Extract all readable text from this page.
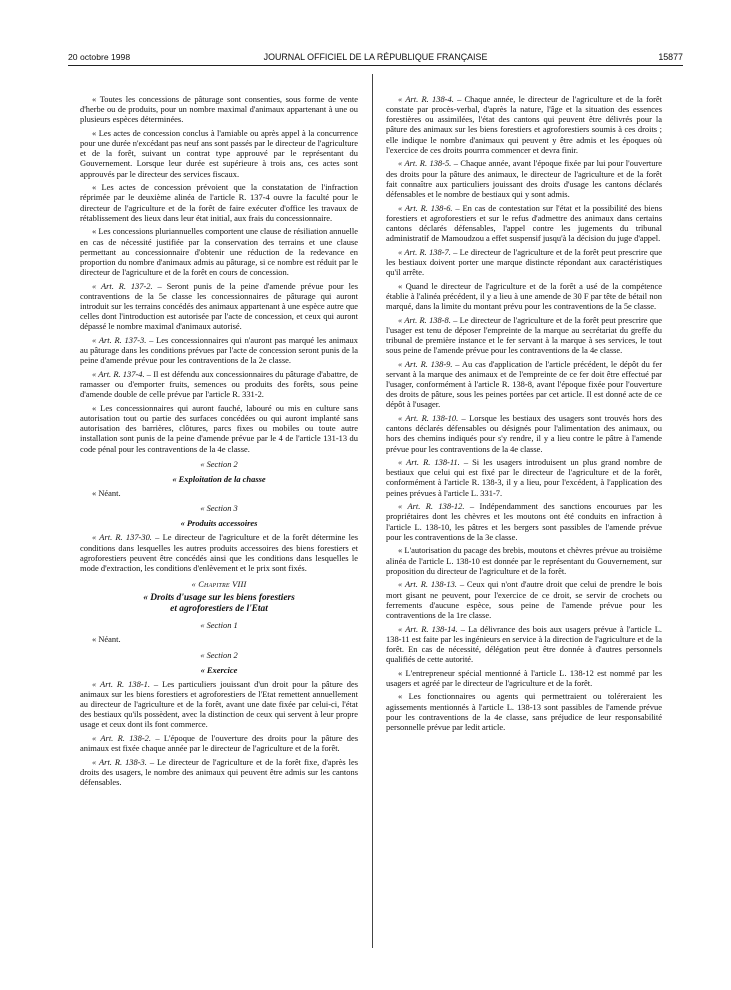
20 octobre 1998	JOURNAL OFFICIEL DE LA RÉPUBLIQUE FRANÇAISE	15877

« Toutes les concessions de pâturage sont consenties, sous forme de vente d'herbe ou de produits, pour un nombre maximal d'animaux appartenant à une ou plusieurs espèces déterminées.

« Les actes de concession conclus à l'amiable ou après appel à la concurrence pour une durée n'excédant pas neuf ans sont passés par le directeur de l'agriculture et de la forêt, suivant un contrat type approuvé par le représentant du Gouvernement. Lorsque leur durée est supérieure à trois ans, ces actes sont approuvés par le directeur des services fiscaux.

« Les actes de concession prévoient que la constatation de l'infraction réprimée par le deuxième alinéa de l'article R. 137-4 ouvre la faculté pour le directeur de l'agriculture et de la forêt de faire exécuter d'office les travaux de rétablissement des lieux dans leur état initial, aux frais du concessionnaire.

« Les concessions pluriannuelles comportent une clause de résiliation annuelle en cas de nécessité justifiée par la conservation des terrains et une clause permettant au concessionnaire d'obtenir une réduction de la redevance en proportion du nombre d'animaux admis au pâturage, si ce nombre est réduit par le directeur de l'agriculture et de la forêt en cours de concession.

« Art. R. 137-2. – Seront punis de la peine d'amende prévue pour les contraventions de la 5e classe les concessionnaires de pâturage qui auront introduit sur les terrains concédés des animaux appartenant à une espèce autre que celles dont l'introduction est autorisée par l'acte de concession, et ceux qui auront dépassé le nombre maximal d'animaux autorisé.

« Art. R. 137-3. – Les concessionnaires qui n'auront pas marqué les animaux au pâturage dans les conditions prévues par l'acte de concession seront punis de la peine d'amende prévue pour les contraventions de la 2e classe.

« Art. R. 137-4. – Il est défendu aux concessionnaires du pâturage d'abattre, de ramasser ou d'emporter fruits, semences ou produits des forêts, sous peine d'amende double de celle prévue par l'article R. 331-2.

« Les concessionnaires qui auront fauché, labouré ou mis en culture sans autorisation tout ou partie des surfaces concédées ou qui auront implanté sans autorisation des barrières, clôtures, parcs fixes ou mobiles ou toute autre installation sont punis de la peine d'amende prévue par le 4 de l'article 131-13 du code pénal pour les contraventions de la 4e classe.

« Section 2
« Exploitation de la chasse

« Néant.

« Section 3
« Produits accessoires

« Art. R. 137-30. – Le directeur de l'agriculture et de la forêt détermine les conditions dans lesquelles les autres produits accessoires des biens forestiers et agroforestiers peuvent être concédés ainsi que les conditions dans lesquelles le mode d'extraction, les conditions d'enlèvement et le prix sont fixés.

« Chapitre VIII
« Droits d'usage sur les biens forestiers
et agroforestiers de l'Etat
« Section 1

« Néant.

« Section 2
« Exercice

« Art. R. 138-1. – Les particuliers jouissant d'un droit pour la pâture des animaux sur les biens forestiers et agroforestiers de l'Etat remettent annuellement au directeur de l'agriculture et de la forêt, avant une date fixée par celui-ci, l'état des bestiaux qu'ils possèdent, avec la distinction de ceux qui servent à leur propre usage et ceux dont ils font commerce.

« Art. R. 138-2. – L'époque de l'ouverture des droits pour la pâture des animaux est fixée chaque année par le directeur de l'agriculture et de la forêt.

« Art. R. 138-3. – Le directeur de l'agriculture et de la forêt fixe, d'après les droits des usagers, le nombre des animaux qui peuvent être admis sur les cantons défensables.

« Art. R. 138-4. – Chaque année, le directeur de l'agriculture et de la forêt constate par procès-verbal, d'après la nature, l'âge et la situation des essences forestières ou assimilées, l'état des cantons qui peuvent être délivrés pour la pâture des animaux sur les biens forestiers et agroforestiers soumis à ces droits ; elle indique le nombre d'animaux qui peuvent y être admis et les époques où l'exercice de ces droits pourrra commencer et devra finir.

« Art. R. 138-5. – Chaque année, avant l'époque fixée par lui pour l'ouverture des droits pour la pâture des animaux, le directeur de l'agriculture et de la forêt fait connaître aux particuliers jouissant des droits d'usage les cantons déclarés défensables et le nombre de bestiaux qui y sont admis.

« Art. R. 138-6. – En cas de contestation sur l'état et la possibilité des biens forestiers et agroforestiers et sur le refus d'admettre des animaux dans certains cantons déclarés défensables, l'appel contre les jugements du tribunal administratif de Mamoudzou a effet suspensif jusqu'à la décision du juge d'appel.

« Art. R. 138-7. – Le directeur de l'agriculture et de la forêt peut prescrire que les bestiaux doivent porter une marque distincte répondant aux caractéristiques qu'il arrête.

« Quand le directeur de l'agriculture et de la forêt a usé de la compétence établie à l'alinéa précédent, il y a lieu à une amende de 30 F par tête de bétail non marqué, dans la limite du montant prévu pour les contraventions de la 5e classe.

« Art. R. 138-8. – Le directeur de l'agriculture et de la forêt peut prescrire que l'usager est tenu de déposer l'empreinte de la marque au secrétariat du greffe du tribunal de première instance et le fer servant à la marque à ses services, le tout sous peine de l'amende prévue pour les contraventions de la 4e classe.

« Art. R. 138-9. – Au cas d'application de l'article précédent, le dépôt du fer servant à la marque des animaux et de l'empreinte de ce fer doit être effectué par l'usager, conformément à l'article R. 138-8, avant l'époque fixée pour l'ouverture des droits de pâture, sous les peines portées par cet article. Il est donné acte de ce dépôt à l'usager.

« Art. R. 138-10. – Lorsque les bestiaux des usagers sont trouvés hors des cantons déclarés défensables ou désignés pour l'alimentation des animaux, ou hors des chemins indiqués pour s'y rendre, il y a lieu contre le pâtre à l'amende prévue pour les contraventions de la 4e classe.

« Art. R. 138-11. – Si les usagers introduisent un plus grand nombre de bestiaux que celui qui est fixé par le directeur de l'agriculture et de la forêt, conformément à l'article R. 138-3, il y a lieu, pour l'excédent, à l'application des peines prévues à l'article L. 331-7.

« Art. R. 138-12. – Indépendamment des sanctions encourues par les propriétaires dont les chèvres et les moutons ont été conduits en infraction à l'article L. 138-10, les pâtres et les bergers sont passibles de l'amende prévue pour les contraventions de la 3e classe.

« L'autorisation du pacage des brebis, moutons et chèvres prévue au troisième alinéa de l'article L. 138-10 est donnée par le représentant du Gouvernement, sur proposition du directeur de l'agriculture et de la forêt.

« Art. R. 138-13. – Ceux qui n'ont d'autre droit que celui de prendre le bois mort gisant ne peuvent, pour l'exercice de ce droit, se servir de crochets ou ferrements d'aucune espèce, sous peine de l'amende prévue pour les contraventions de la 1re classe.

« Art. R. 138-14. – La délivrance des bois aux usagers prévue à l'article L. 138-11 est faite par les ingénieurs en service à la direction de l'agriculture et de la forêt. En cas de nécessité, délégation peut être donnée à d'autres personnels qualifiés de cette autorité.

« L'entrepreneur spécial mentionné à l'article L. 138-12 est nommé par les usagers et agréé par le directeur de l'agriculture et de la forêt.

« Les fonctionnaires ou agents qui permettraient ou toléreraient les agissements mentionnés à l'article L. 138-13 sont passibles de l'amende prévue pour les contraventions de la 4e classe, sans préjudice de leur responsabilité personnelle prévue par ledit article.
